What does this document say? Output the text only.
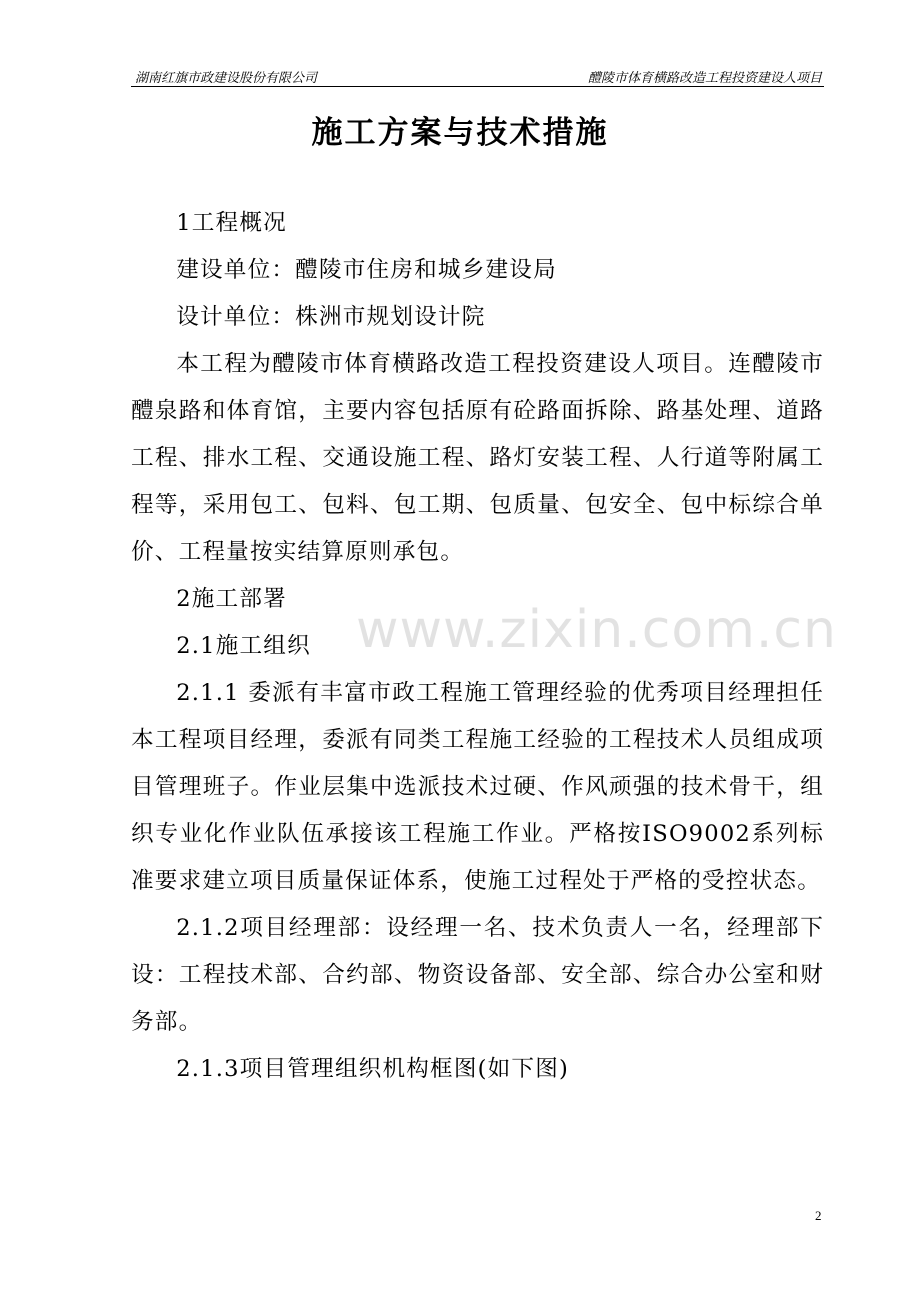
湖南红旗市政建设股份有限公司	醴陵市体育横路改造工程投资建设人项目
施工方案与技术措施

1工程概况

建设单位：醴陵市住房和城乡建设局

设计单位：株洲市规划设计院

本工程为醴陵市体育横路改造工程投资建设人项目。连醴陵市醴泉路和体育馆，主要内容包括原有砼路面拆除、路基处理、道路工程、排水工程、交通设施工程、路灯安装工程、人行道等附属工程等，采用包工、包料、包工期、包质量、包安全、包中标综合单价、工程量按实结算原则承包。

2施工部署

2.1施工组织

2.1.1 委派有丰富市政工程施工管理经验的优秀项目经理担任本工程项目经理，委派有同类工程施工经验的工程技术人员组成项目管理班子。作业层集中选派技术过硬、作风顽强的技术骨干，组织专业化作业队伍承接该工程施工作业。严格按ISO9002系列标准要求建立项目质量保证体系，使施工过程处于严格的受控状态。

2.1.2项目经理部：设经理一名、技术负责人一名，经理部下设：工程技术部、合约部、物资设备部、安全部、综合办公室和财务部。

2.1.3项目管理组织机构框图(如下图)

www.zixin.com.cn
2
